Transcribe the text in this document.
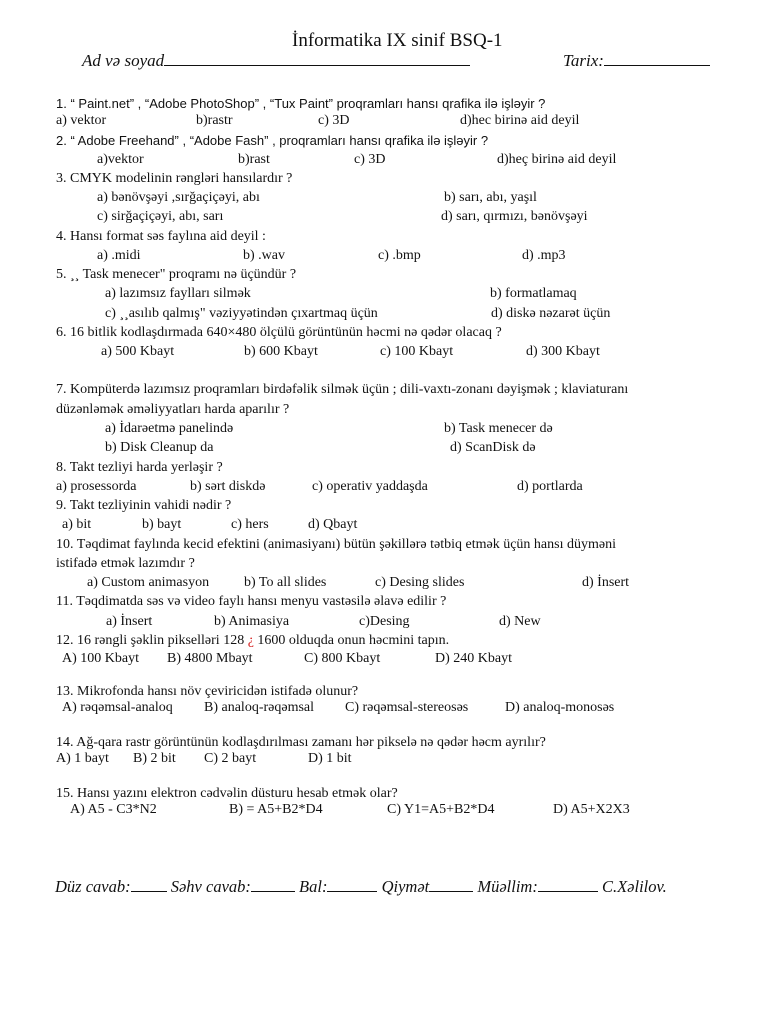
İnformatika IX sinif BSQ-1
Ad və soyad	Tarix:
1. “ Paint.net” , “Adobe PhotoShop” , “Tux Paint” proqramları hansı qrafika ilə işləyir ?
a) vektor	b)rastr	c) 3D	d)hec birinə aid deyil
2. “ Adobe Freehand” , “Adobe Fash” , proqramları hansı qrafika ilə işləyir ?
a)vektor	b)rast	c) 3D	d)heç birinə aid deyil
3. CMYK modelinin rəngləri hansılardır ?
a) bənövşəyi ,sırğaçiçəyi, abı	b) sarı, abı, yaşıl
c) sirğaçiçəyi, abı, sarı	d) sarı, qırmızı, bənövşəyi
4. Hansı format səs faylına aid deyil :
a) .midi	b) .wav	c) .bmp	d) .mp3
5. ¸¸ Task menecer" proqramı nə üçündür ?
a) lazımsız faylları silmək	b) formatlamaq
c) ¸¸asılıb qalmış" vəziyyətindən çıxartmaq üçün	d) diskə nəzarət üçün
6. 16 bitlik kodlaşdırmada 640×480 ölçülü görüntünün həcmi nə qədər olacaq ?
a) 500 Kbayt	b) 600 Kbayt	c) 100 Kbayt	d) 300 Kbayt
7. Kompüterdə lazımsız proqramları birdəfəlik silmək üçün ; dili-vaxtı-zonanı dəyişmək ; klaviaturanı
düzənləmək əməliyyatları harda aparılır ?
a) İdarəetmə panelində	b) Task menecer də
b) Disk Cleanup da	d) ScanDisk də
8. Takt tezliyi harda yerləşir ?
a) prosessorda	b) sərt diskdə	c) operativ yaddaşda	d) portlarda
9. Takt tezliyinin vahidi nədir ?
a) bit	b) bayt	c) hers	d) Qbayt
10. Təqdimat faylında kecid efektini (animasiyanı) bütün şəkillərə tətbiq etmək üçün hansı düyməni
istifadə etmək lazımdır ?
a) Custom animasyon b) To all slides	c) Desing slides	d) İnsert
11. Təqdimatda səs və video faylı hansı menyu vastəsilə əlavə edilir ?
a) İnsert	b) Animasiya	c)Desing	d) New
12. 16 rəngli şəklin pikselləri 128 ¿ 1600 olduqda onun həcmini tapın.
A) 100 Kbayt B) 4800 Mbayt	C) 800 Kbayt	D) 240 Kbayt
13. Mikrofonda hansı növ çeviricidən istifadə olunur?
A) rəqəmsal-analoq B) analoq-rəqəmsal C) rəqəmsal-stereosəs	D) analoq-monosəs
14. Ağ-qara rastr görüntünün kodlaşdırılması zamanı hər pikselə nə qədər həcm ayrılır?
A) 1 bayt B) 2 bit C) 2 bayt	D) 1 bit
15. Hansı yazını elektron cədvəlin düsturu hesab etmək olar?
A) A5 - C3*N2	B) = A5+B2*D4	C) Y1=A5+B2*D4	D) A5+X2X3
Düz cavab: Səhv cavab:	Bal:	Qiymət	Müəllim:	C.Xəlilov.
